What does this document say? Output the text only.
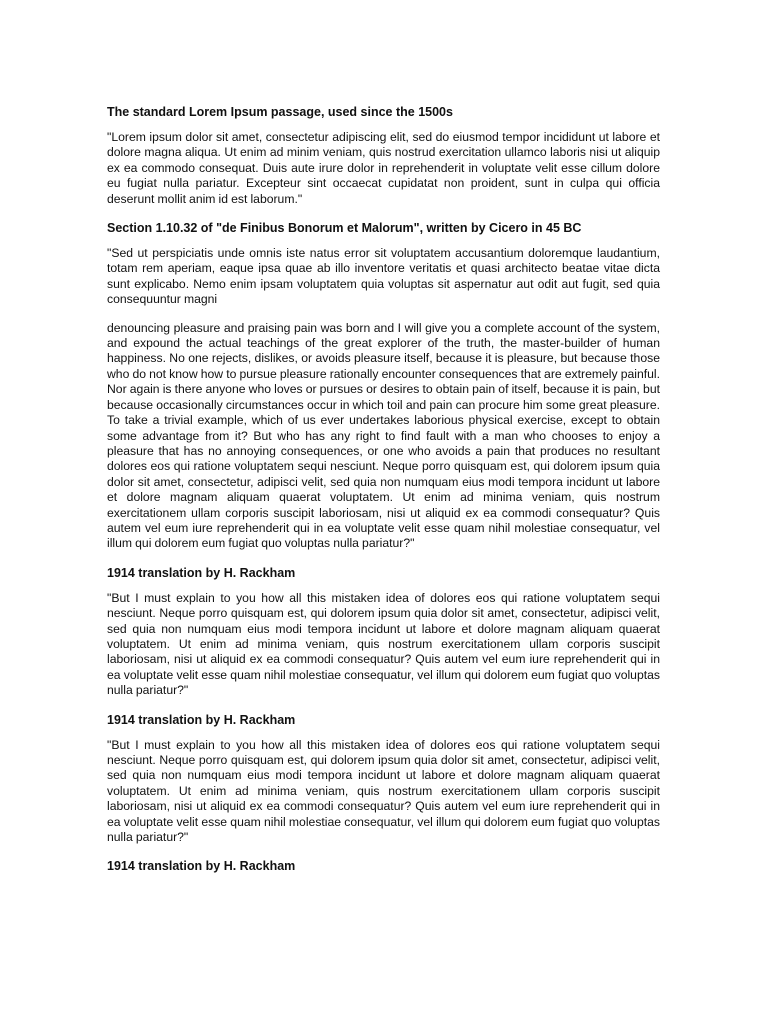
The standard Lorem Ipsum passage, used since the 1500s

"Lorem ipsum dolor sit amet, consectetur adipiscing elit, sed do eiusmod tempor incididunt ut labore et dolore magna aliqua. Ut enim ad minim veniam, quis nostrud exercitation ullamco laboris nisi ut aliquip ex ea commodo consequat. Duis aute irure dolor in reprehenderit in voluptate velit esse cillum dolore eu fugiat nulla pariatur. Excepteur sint occaecat cupidatat non proident, sunt in culpa qui officia deserunt mollit anim id est laborum."

Section 1.10.32 of "de Finibus Bonorum et Malorum", written by Cicero in 45 BC

"Sed ut perspiciatis unde omnis iste natus error sit voluptatem accusantium doloremque laudantium, totam rem aperiam, eaque ipsa quae ab illo inventore veritatis et quasi architecto beatae vitae dicta sunt explicabo. Nemo enim ipsam voluptatem quia voluptas sit aspernatur aut odit aut fugit, sed quia consequuntur magni

denouncing pleasure and praising pain was born and I will give you a complete account of the system, and expound the actual teachings of the great explorer of the truth, the master-builder of human happiness. No one rejects, dislikes, or avoids pleasure itself, because it is pleasure, but because those who do not know how to pursue pleasure rationally encounter consequences that are extremely painful. Nor again is there anyone who loves or pursues or desires to obtain pain of itself, because it is pain, but because occasionally circumstances occur in which toil and pain can procure him some great pleasure. To take a trivial example, which of us ever undertakes laborious physical exercise, except to obtain some advantage from it? But who has any right to find fault with a man who chooses to enjoy a pleasure that has no annoying consequences, or one who avoids a pain that produces no resultant dolores eos qui ratione voluptatem sequi nesciunt. Neque porro quisquam est, qui dolorem ipsum quia dolor sit amet, consectetur, adipisci velit, sed quia non numquam eius modi tempora incidunt ut labore et dolore magnam aliquam quaerat voluptatem. Ut enim ad minima veniam, quis nostrum exercitationem ullam corporis suscipit laboriosam, nisi ut aliquid ex ea commodi consequatur? Quis autem vel eum iure reprehenderit qui in ea voluptate velit esse quam nihil molestiae consequatur, vel illum qui dolorem eum fugiat quo voluptas nulla pariatur?"

1914 translation by H. Rackham

"But I must explain to you how all this mistaken idea of dolores eos qui ratione voluptatem sequi nesciunt. Neque porro quisquam est, qui dolorem ipsum quia dolor sit amet, consectetur, adipisci velit, sed quia non numquam eius modi tempora incidunt ut labore et dolore magnam aliquam quaerat voluptatem. Ut enim ad minima veniam, quis nostrum exercitationem ullam corporis suscipit laboriosam, nisi ut aliquid ex ea commodi consequatur? Quis autem vel eum iure reprehenderit qui in ea voluptate velit esse quam nihil molestiae consequatur, vel illum qui dolorem eum fugiat quo voluptas nulla pariatur?"

1914 translation by H. Rackham

"But I must explain to you how all this mistaken idea of dolores eos qui ratione voluptatem sequi nesciunt. Neque porro quisquam est, qui dolorem ipsum quia dolor sit amet, consectetur, adipisci velit, sed quia non numquam eius modi tempora incidunt ut labore et dolore magnam aliquam quaerat voluptatem. Ut enim ad minima veniam, quis nostrum exercitationem ullam corporis suscipit laboriosam, nisi ut aliquid ex ea commodi consequatur? Quis autem vel eum iure reprehenderit qui in ea voluptate velit esse quam nihil molestiae consequatur, vel illum qui dolorem eum fugiat quo voluptas nulla pariatur?"

1914 translation by H. Rackham
